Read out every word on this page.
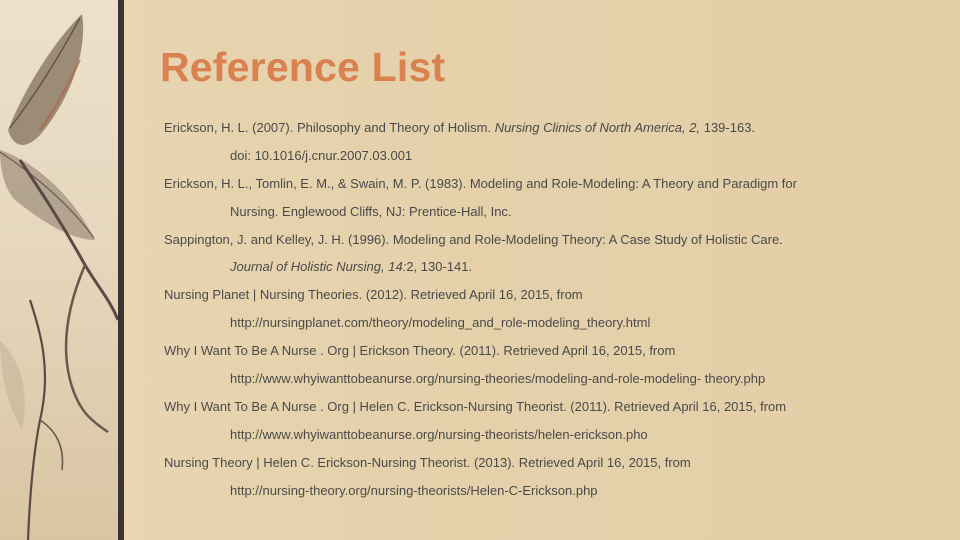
Reference List
Erickson, H. L. (2007). Philosophy and Theory of Holism. Nursing Clinics of North America, 2, 139-163.
doi: 10.1016/j.cnur.2007.03.001
Erickson, H. L., Tomlin, E. M., & Swain, M. P. (1983). Modeling and Role-Modeling: A Theory and Paradigm for
Nursing. Englewood Cliffs, NJ: Prentice-Hall, Inc.
Sappington, J. and Kelley, J. H. (1996). Modeling and Role-Modeling Theory: A Case Study of Holistic Care.
Journal of Holistic Nursing, 14:2, 130-141.
Nursing Planet | Nursing Theories. (2012). Retrieved April 16, 2015, from
http://nursingplanet.com/theory/modeling_and_role-modeling_theory.html
Why I Want To Be A Nurse . Org | Erickson Theory. (2011). Retrieved April 16, 2015, from
http://www.whyiwanttobeanurse.org/nursing-theories/modeling-and-role-modeling- theory.php
Why I Want To Be A Nurse . Org | Helen C. Erickson-Nursing Theorist. (2011). Retrieved April 16, 2015, from
http://www.whyiwanttobeanurse.org/nursing-theorists/helen-erickson.pho
Nursing Theory | Helen C. Erickson-Nursing Theorist. (2013). Retrieved April 16, 2015, from
http://nursing-theory.org/nursing-theorists/Helen-C-Erickson.php
